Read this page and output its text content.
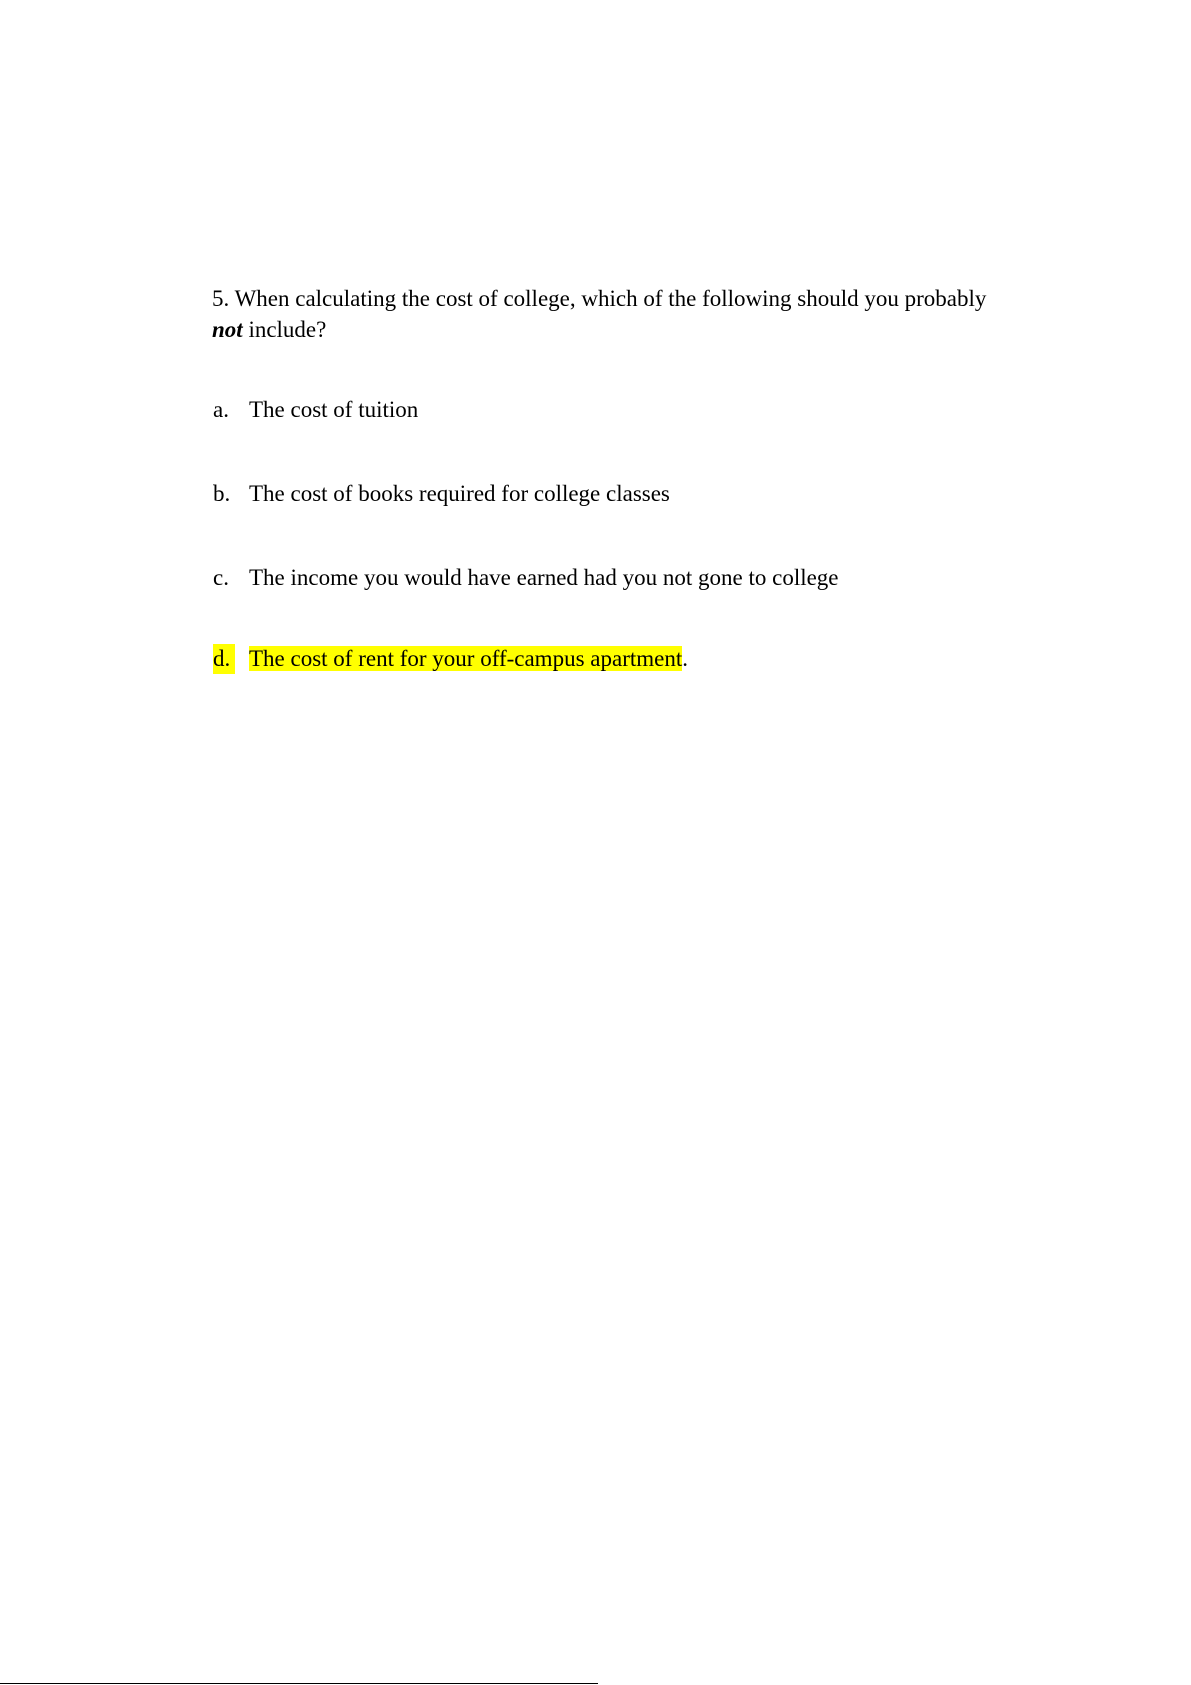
5. When calculating the cost of college, which of the following should you probably
not include?
a. The cost of tuition
b. The cost of books required for college classes
c. The income you would have earned had you not gone to college
d. The cost of rent for your off-campus apartment.
